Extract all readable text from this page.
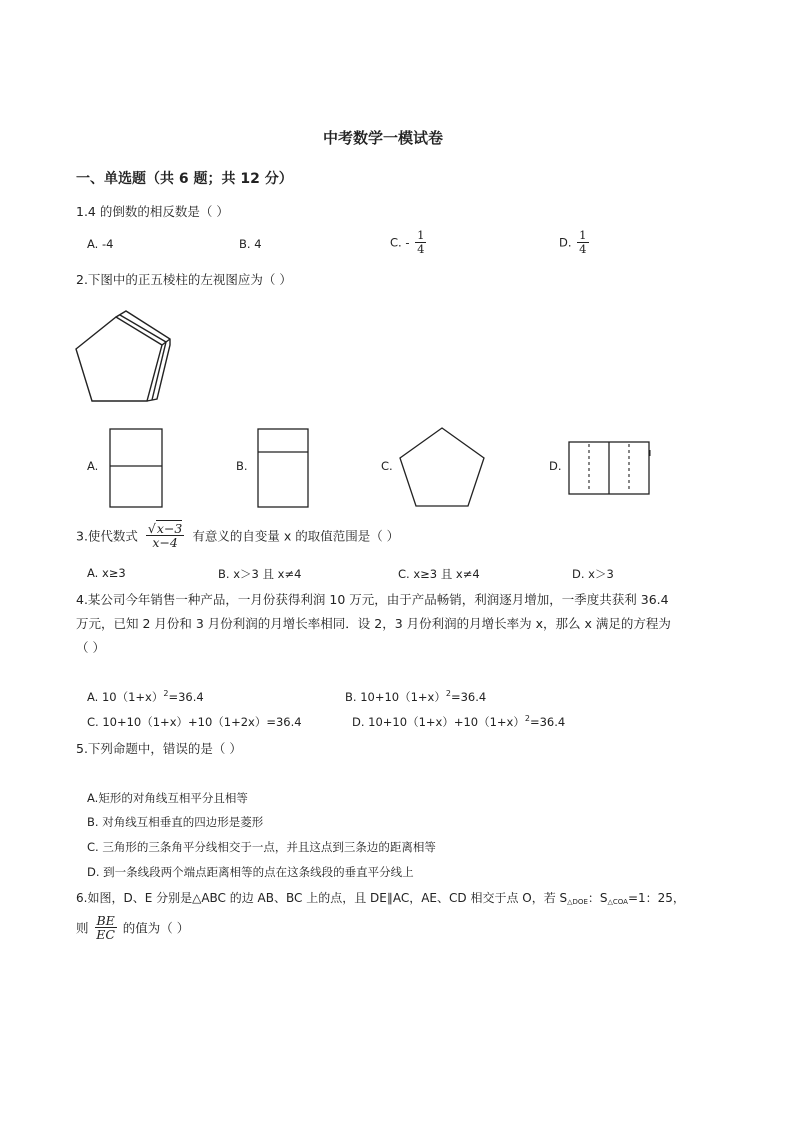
中考数学一模试卷
一、单选题（共 6 题；共 12 分）
1.4 的倒数的相反数是（ ）
A. -4	B. 4	C. - $\frac{1}{4}$	D. $\frac{1}{4}$
2.下图中的正五棱柱的左视图应为（ ）
A.	B.	C.	D.
3.使代数式 $\frac{√x-3}{x-4}$ 有意义的自变量 x 的取值范围是（ ）
A. x≥3	B. x＞3 且 x≠4	C. x≥3 且 x≠4	D. x＞3
4.某公司今年销售一种产品，一月份获得利润 10 万元，由于产品畅销，利润逐月增加，一季度共获利 36.4
万元，已知 2 月份和 3 月份利润的月增长率相同．设 2，3 月份利润的月增长率为 x，那么 x 满足的方程为
（ ）
A. $10(1+x)^2=36.4$	B. $10+10(1+x)^2=36.4$
C. 10+10（1+x）+10（1+2x）=36.4	D. $10+10(1+x)+10(1+x)^2=36.4$
5.下列命题中，错误的是（ ）
A.矩形的对角线互相平分且相等
B. 对角线互相垂直的四边形是菱形
C. 三角形的三条角平分线相交于一点，并且这点到三条边的距离相等
D. 到一条线段两个端点距离相等的点在这条线段的垂直平分线上
6.如图，D、E 分别是△ABC 的边 AB、BC 上的点，且 DE∥AC，AE、CD 相交于点 O，若 $S_{\triangle DOE}$：$S_{\triangle COA}=1$：25，
则 $\frac{BE}{EC}$ 的值为（ ）
